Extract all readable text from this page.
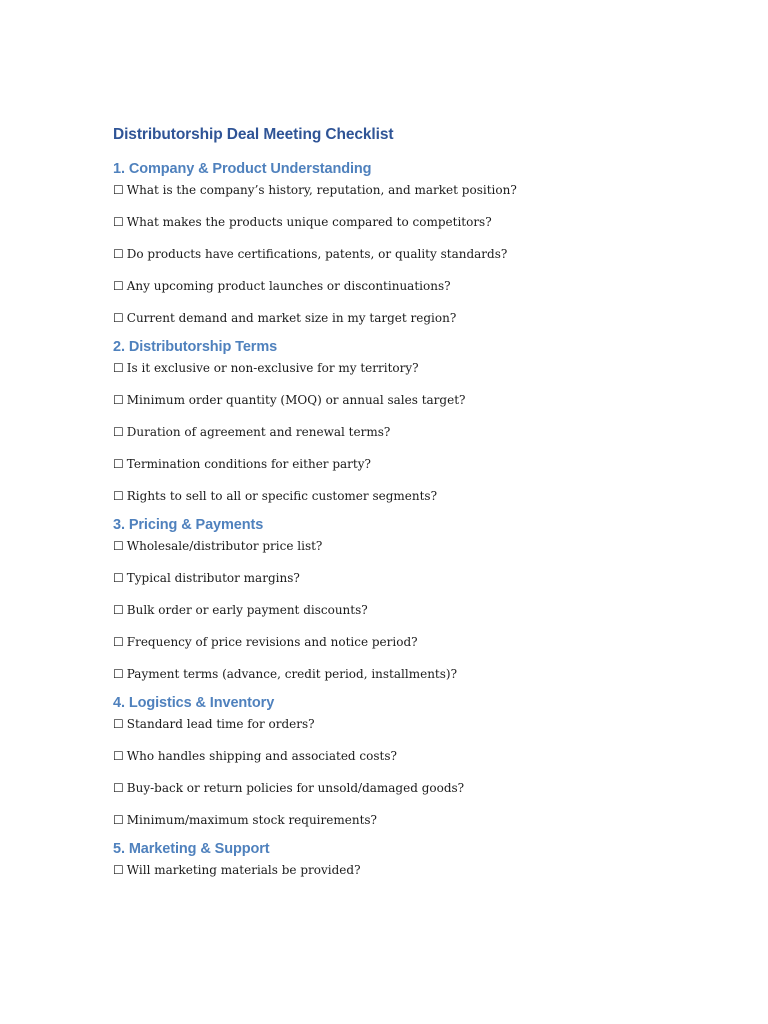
Distributorship Deal Meeting Checklist
1. Company & Product Understanding
☐ What is the company’s history, reputation, and market position?
☐ What makes the products unique compared to competitors?
☐ Do products have certifications, patents, or quality standards?
☐ Any upcoming product launches or discontinuations?
☐ Current demand and market size in my target region?
2. Distributorship Terms
☐ Is it exclusive or non-exclusive for my territory?
☐ Minimum order quantity (MOQ) or annual sales target?
☐ Duration of agreement and renewal terms?
☐ Termination conditions for either party?
☐ Rights to sell to all or specific customer segments?
3. Pricing & Payments
☐ Wholesale/distributor price list?
☐ Typical distributor margins?
☐ Bulk order or early payment discounts?
☐ Frequency of price revisions and notice period?
☐ Payment terms (advance, credit period, installments)?
4. Logistics & Inventory
☐ Standard lead time for orders?
☐ Who handles shipping and associated costs?
☐ Buy-back or return policies for unsold/damaged goods?
☐ Minimum/maximum stock requirements?
5. Marketing & Support
☐ Will marketing materials be provided?
